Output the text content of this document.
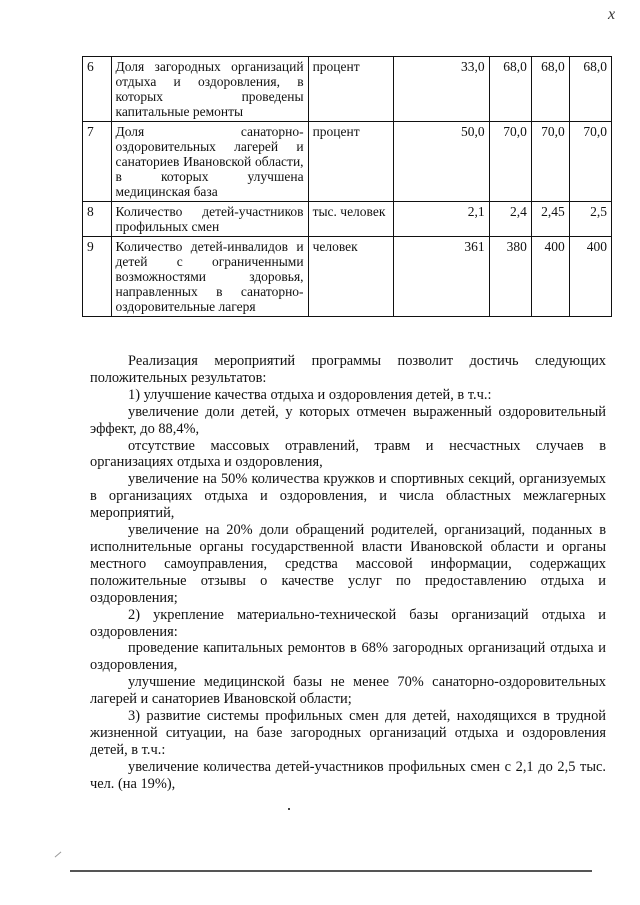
х
6	Доля загородных организаций отдыха и оздоровления, в которых проведены капитальные ремонты	процент	33,0	68,0	68,0	68,0
7	Доля санаторно-оздоровительных лагерей и санаториев Ивановской области, в которых улучшена медицинская база	процент	50,0	70,0	70,0	70,0
8	Количество детей-участников профильных смен	тыс. человек	2,1	2,4	2,45	2,5
9	Количество детей-инвалидов и детей с ограниченными возможностями здоровья, направленных в санаторно-оздоровительные лагеря	человек	361	380	400	400

Реализация мероприятий программы позволит достичь следующих положительных результатов:

1) улучшение качества отдыха и оздоровления детей, в т.ч.:

увеличение доли детей, у которых отмечен выраженный оздоровительный эффект, до 88,4%,

отсутствие массовых отравлений, травм и несчастных случаев в организациях отдыха и оздоровления,

увеличение на 50% количества кружков и спортивных секций, организуемых в организациях отдыха и оздоровления, и числа областных межлагерных мероприятий,

увеличение на 20% доли обращений родителей, организаций, поданных в исполнительные органы государственной власти Ивановской области и органы местного самоуправления, средства массовой информации, содержащих положительные отзывы о качестве услуг по предоставлению отдыха и оздоровления;

2) укрепление материально-технической базы организаций отдыха и оздоровления:

проведение капитальных ремонтов в 68% загородных организаций отдыха и оздоровления,

улучшение медицинской базы не менее 70% санаторно-оздоровительных лагерей и санаториев Ивановской области;

3) развитие системы профильных смен для детей, находящихся в трудной жизненной ситуации, на базе загородных организаций отдыха и оздоровления детей, в т.ч.:

увеличение количества детей-участников профильных смен с 2,1 до 2,5 тыс. чел. (на 19%),
